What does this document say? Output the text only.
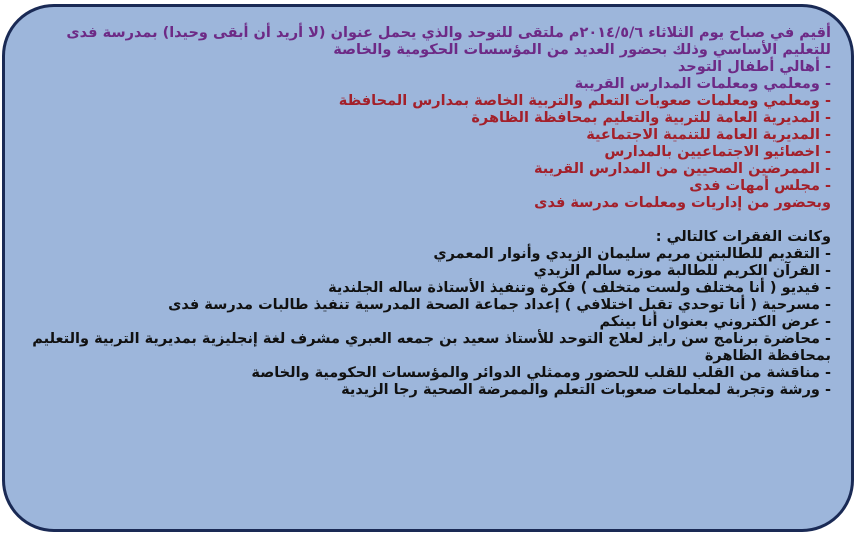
أقيم في صباح يوم الثلاثاء ٢٠١٤/٥/٦م ملتقى للتوحد والذي يحمل عنوان (لا أريد أن أبقى وحيدا) بمدرسة فدى للتعليم الأساسي وذلك بحضور العديد من المؤسسات الحكومية والخاصة

- أهالي أطفال التوحد
- ومعلمي ومعلمات المدارس القريبة
- ومعلمي ومعلمات صعوبات التعلم والتربية الخاصة بمدارس المحافظة
- المديرية العامة للتربية والتعليم بمحافظة الظاهرة
- المديرية العامة للتنمية الاجتماعية
- اخصائيو الاجتماعيين بالمدارس
- الممرضين الصحيين من المدارس القريبة
- مجلس أمهات فدى
وبحضور من إداريات ومعلمات مدرسة فدى

وكانت الفقرات كالتالي :

- التقديم للطالبتين مريم سليمان الزيدي وأنوار المعمري
- القرآن الكريم للطالبة موزه سالم الزيدي
- فيديو ( أنا مختلف ولست متخلف ) فكرة وتنفيذ الأستاذة ساله الجلندية
- مسرحية ( أنا توحدي تقبل اختلافي ) إعداد جماعة الصحة المدرسية تنفيذ طالبات مدرسة فدى
- عرض الكتروني بعنوان أنا بينكم
- محاضرة برنامج سن رايز لعلاج التوحد للأستاذ سعيد بن جمعه العبري مشرف لغة إنجليزية بمديرية التربية والتعليم بمحافظة الظاهرة
- مناقشة من القلب للقلب للحضور وممثلي الدوائر والمؤسسات الحكومية والخاصة
- ورشة وتجربة لمعلمات صعوبات التعلم والممرضة الصحية رجا الزيدية
